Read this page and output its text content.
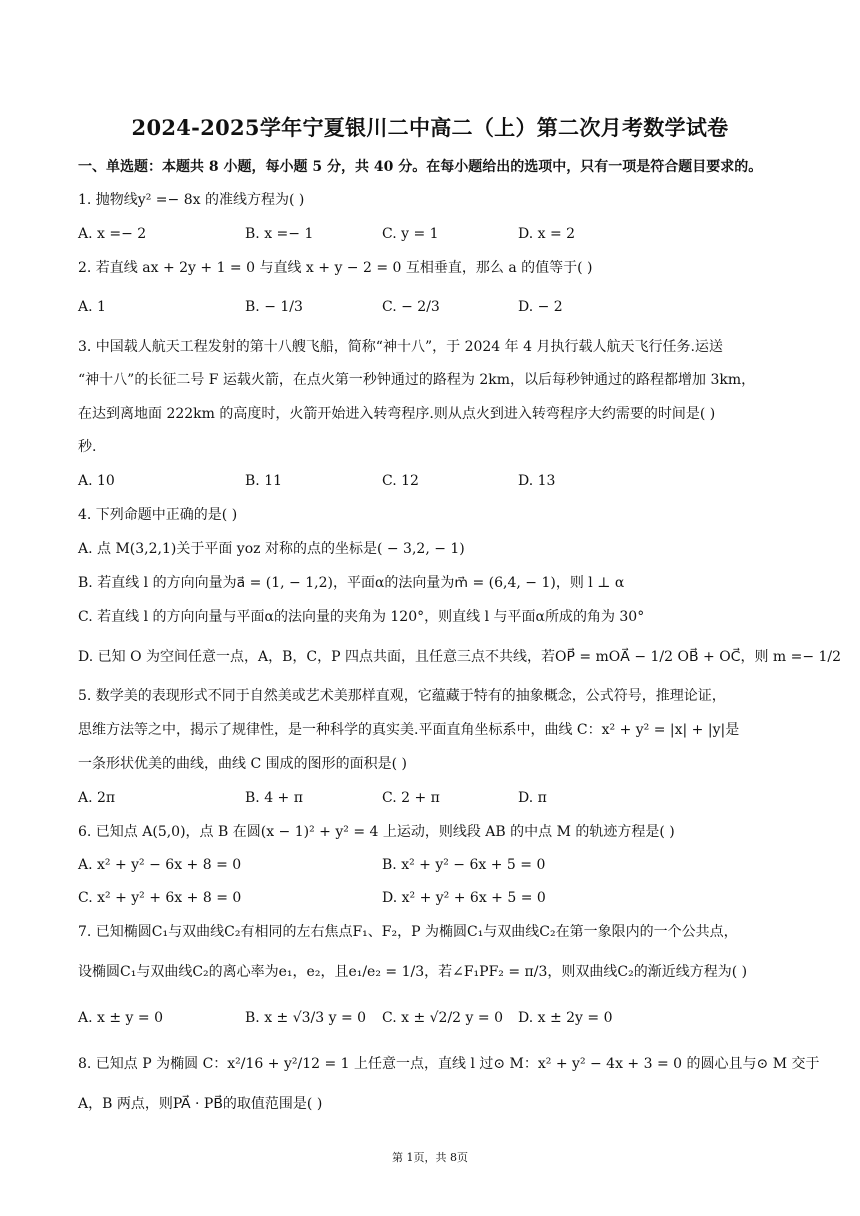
2024-2025学年宁夏银川二中高二（上）第二次月考数学试卷
一、单选题：本题共 8 小题，每小题 5 分，共 40 分。在每小题给出的选项中，只有一项是符合题目要求的。
1. 抛物线y² =− 8x 的准线方程为( )
A. x =− 2	B. x =− 1	C. y = 1	D. x = 2
2. 若直线 ax + 2y + 1 = 0 与直线 x + y − 2 = 0 互相垂直，那么 a 的值等于( )
A. 1	B. − 1/3	C. − 2/3	D. − 2
3. 中国载人航天工程发射的第十八艘飞船，简称“神十八”，于 2024 年 4 月执行载人航天飞行任务.运送
“神十八”的长征二号 F 运载火箭，在点火第一秒钟通过的路程为 2km，以后每秒钟通过的路程都增加 3km，
在达到离地面 222km 的高度时，火箭开始进入转弯程序.则从点火到进入转弯程序大约需要的时间是( )
秒.
A. 10	B. 11	C. 12	D. 13
4. 下列命题中正确的是( )
A. 点 M(3,2,1)关于平面 yoz 对称的点的坐标是( − 3,2, − 1)
B. 若直线 l 的方向向量为a⃗ = (1, − 1,2)，平面α的法向量为m⃗ = (6,4, − 1)，则 l ⊥ α
C. 若直线 l 的方向向量与平面α的法向量的夹角为 120°，则直线 l 与平面α所成的角为 30°
D. 已知 O 为空间任意一点，A，B，C，P 四点共面，且任意三点不共线，若OP⃗ = mOA⃗ − 1/2 OB⃗ + OC⃗，则 m =− 1/2
5. 数学美的表现形式不同于自然美或艺术美那样直观，它蕴藏于特有的抽象概念，公式符号，推理论证，
思维方法等之中，揭示了规律性，是一种科学的真实美.平面直角坐标系中，曲线 C：x² + y² = |x| + |y|是
一条形状优美的曲线，曲线 C 围成的图形的面积是( )
A. 2π	B. 4 + π	C. 2 + π	D. π
6. 已知点 A(5,0)，点 B 在圆(x − 1)² + y² = 4 上运动，则线段 AB 的中点 M 的轨迹方程是( )
A. x² + y² − 6x + 8 = 0	B. x² + y² − 6x + 5 = 0
C. x² + y² + 6x + 8 = 0	D. x² + y² + 6x + 5 = 0
7. 已知椭圆C₁与双曲线C₂有相同的左右焦点F₁、F₂，P 为椭圆C₁与双曲线C₂在第一象限内的一个公共点，
设椭圆C₁与双曲线C₂的离心率为e₁，e₂，且e₁/e₂ = 1/3，若∠F₁PF₂ = π/3，则双曲线C₂的渐近线方程为( )
A. x ± y = 0	B. x ± √3/3 y = 0 C. x ± √2/2 y = 0 D. x ± 2y = 0
8. 已知点 P 为椭圆 C：x²/16 + y²/12 = 1 上任意一点，直线 l 过⊙ M：x² + y² − 4x + 3 = 0 的圆心且与⊙ M 交于
A，B 两点，则PA⃗ · PB⃗的取值范围是( )
第 1页，共 8页
